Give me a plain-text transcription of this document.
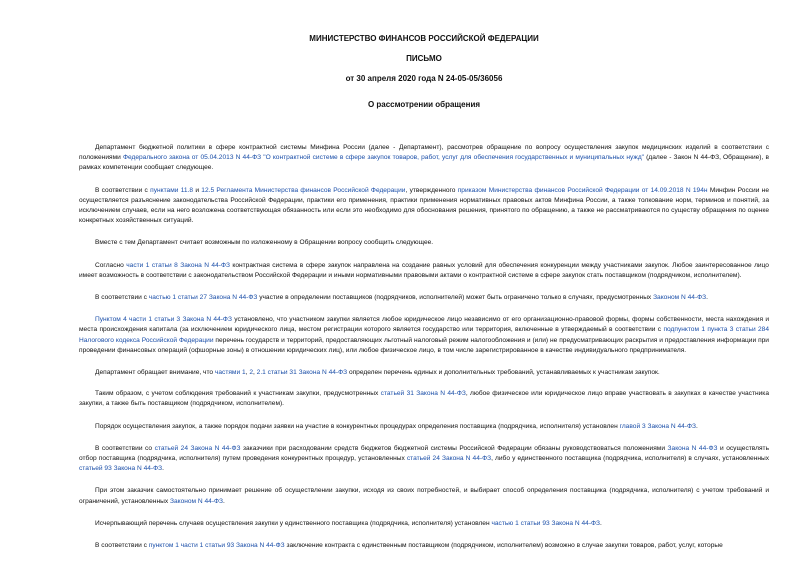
МИНИСТЕРСТВО ФИНАНСОВ РОССИЙСКОЙ ФЕДЕРАЦИИ
ПИСЬМО
от 30 апреля 2020 года N 24-05-05/36056
О рассмотрении обращения

Департамент бюджетной политики в сфере контрактной системы Минфина России (далее - Департамент), рассмотрев обращение по вопросу осуществления закупок медицинских изделий в соответствии с положениями Федерального закона от 05.04.2013 N 44-ФЗ "О контрактной системе в сфере закупок товаров, работ, услуг для обеспечения государственных и муниципальных нужд" (далее - Закон N 44-ФЗ, Обращение), в рамках компетенции сообщает следующее.

В соответствии с пунктами 11.8 и 12.5 Регламента Министерства финансов Российской Федерации, утвержденного приказом Министерства финансов Российской Федерации от 14.09.2018 N 194н Минфин России не осуществляется разъяснение законодательства Российской Федерации, практики его применения, практики применения нормативных правовых актов Минфина России, а также толкование норм, терминов и понятий, за исключением случаев, если на него возложена соответствующая обязанность или если это необходимо для обоснования решения, принятого по обращению, а также не рассматриваются по существу обращения по оценке конкретных хозяйственных ситуаций.

Вместе с тем Департамент считает возможным по изложенному в Обращении вопросу сообщить следующее.

Согласно части 1 статьи 8 Закона N 44-ФЗ контрактная система в сфере закупок направлена на создание равных условий для обеспечения конкуренции между участниками закупок. Любое заинтересованное лицо имеет возможность в соответствии с законодательством Российской Федерации и иными нормативными правовыми актами о контрактной системе в сфере закупок стать поставщиком (подрядчиком, исполнителем).

В соответствии с частью 1 статьи 27 Закона N 44-ФЗ участие в определении поставщиков (подрядчиков, исполнителей) может быть ограничено только в случаях, предусмотренных Законом N 44-ФЗ.

Пунктом 4 части 1 статьи 3 Закона N 44-ФЗ установлено, что участником закупки является любое юридическое лицо независимо от его организационно-правовой формы, формы собственности, места нахождения и места происхождения капитала (за исключением юридического лица, местом регистрации которого является государство или территория, включенные в утверждаемый в соответствии с подпунктом 1 пункта 3 статьи 284 Налогового кодекса Российской Федерации перечень государств и территорий, предоставляющих льготный налоговый режим налогообложения и (или) не предусматривающих раскрытия и предоставления информации при проведении финансовых операций (офшорные зоны) в отношении юридических лиц), или любое физическое лицо, в том числе зарегистрированное в качестве индивидуального предпринимателя.

Департамент обращает внимание, что частями 1, 2, 2.1 статьи 31 Закона N 44-ФЗ определен перечень единых и дополнительных требований, устанавливаемых к участникам закупок.

Таким образом, с учетом соблюдения требований к участникам закупки, предусмотренных статьей 31 Закона N 44-ФЗ, любое физическое или юридическое лицо вправе участвовать в закупках в качестве участника закупки, а также быть поставщиком (подрядчиком, исполнителем).

Порядок осуществления закупок, а также порядок подачи заявки на участие в конкурентных процедурах определения поставщика (подрядчика, исполнителя) установлен главой 3 Закона N 44-ФЗ.

В соответствии со статьей 24 Закона N 44-ФЗ заказчики при расходовании средств бюджетов бюджетной системы Российской Федерации обязаны руководствоваться положениями Закона N 44-ФЗ и осуществлять отбор поставщика (подрядчика, исполнителя) путем проведения конкурентных процедур, установленных статьей 24 Закона N 44-ФЗ, либо у единственного поставщика (подрядчика, исполнителя) в случаях, установленных статьей 93 Закона N 44-ФЗ.

При этом заказчик самостоятельно принимает решение об осуществлении закупки, исходя из своих потребностей, и выбирает способ определения поставщика (подрядчика, исполнителя) с учетом требований и ограничений, установленных Законом N 44-ФЗ.

Исчерпывающий перечень случаев осуществления закупки у единственного поставщика (подрядчика, исполнителя) установлен частью 1 статьи 93 Закона N 44-ФЗ.

В соответствии с пунктом 1 части 1 статьи 93 Закона N 44-ФЗ заключение контракта с единственным поставщиком (подрядчиком, исполнителем) возможно в случае закупки товаров, работ, услуг, которые
